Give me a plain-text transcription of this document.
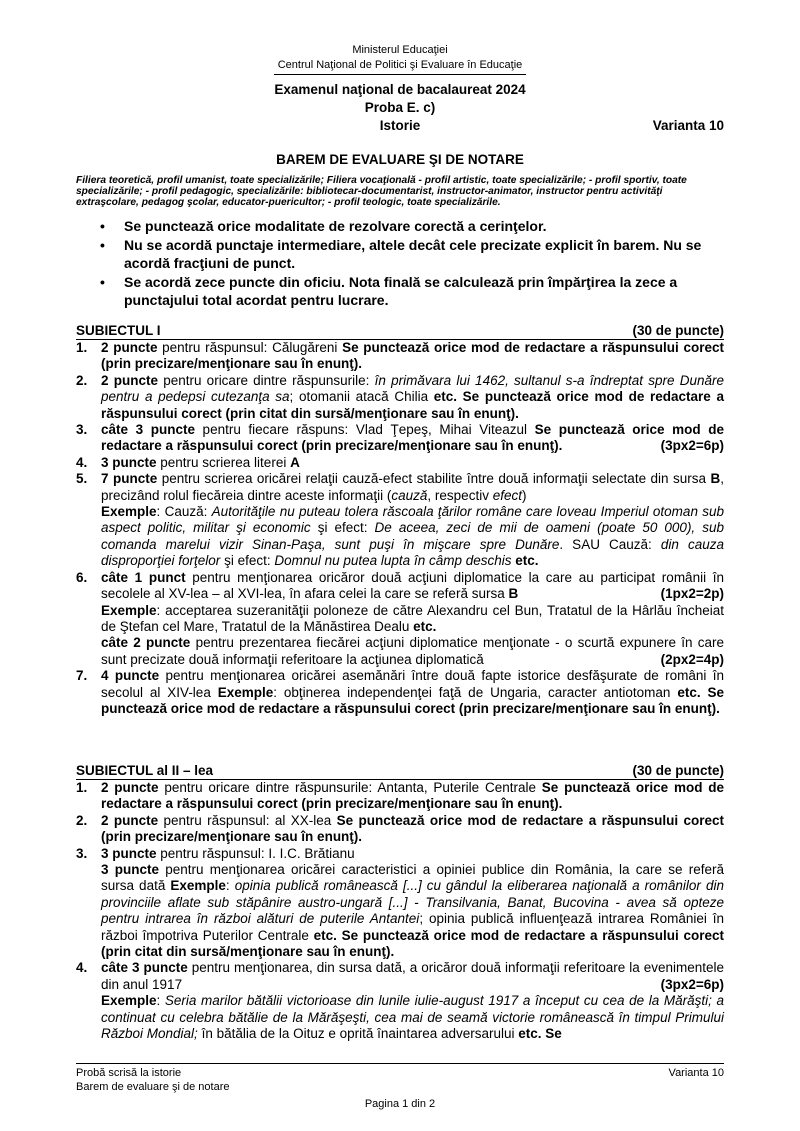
Ministerul Educaţiei
Centrul Naţional de Politici şi Evaluare în Educaţie
Examenul naţional de bacalaureat 2024
Proba E. c)
Istorie	Varianta 10
BAREM DE EVALUARE ŞI DE NOTARE
Filiera teoretică, profil umanist, toate specializările; Filiera vocaţională - profil artistic, toate specializările; - profil sportiv, toate specializările; - profil pedagogic, specializările: bibliotecar-documentarist, instructor-animator, instructor pentru activităţi extraşcolare, pedagog şcolar, educator-puericultor; - profil teologic, toate specializările.
• Se punctează orice modalitate de rezolvare corectă a cerinţelor.
• Nu se acordă punctaje intermediare, altele decât cele precizate explicit în barem. Nu se acordă fracţiuni de punct.
• Se acordă zece puncte din oficiu. Nota finală se calculează prin împărţirea la zece a punctajului total acordat pentru lucrare.
SUBIECTUL I	(30 de puncte)
1. 2 puncte pentru răspunsul: Călugăreni Se punctează orice mod de redactare a răspunsului corect (prin precizare/menţionare sau în enunţ).
2. 2 puncte pentru oricare dintre răspunsurile: în primăvara lui 1462, sultanul s-a îndreptat spre Dunăre pentru a pedepsi cutezanţa sa; otomanii atacă Chilia etc. Se punctează orice mod de redactare a răspunsului corect (prin citat din sursă/menţionare sau în enunţ).
3. câte 3 puncte pentru fiecare răspuns: Vlad Ţepeş, Mihai Viteazul Se punctează orice mod de redactare a răspunsului corect (prin precizare/menţionare sau în enunţ).	(3px2=6p)
4. 3 puncte pentru scrierea literei A
5. 7 puncte pentru scrierea oricărei relaţii cauză-efect stabilite între două informaţii selectate din sursa B, precizând rolul fiecăreia dintre aceste informaţii (cauză, respectiv efect)

Exemple: Cauză: Autorităţile nu puteau tolera răscoala ţărilor române care loveau Imperiul otoman sub aspect politic, militar şi economic şi efect: De aceea, zeci de mii de oameni (poate 50 000), sub comanda marelui vizir Sinan-Paşa, sunt puşi în mişcare spre Dunăre. SAU Cauză: din cauza disproporţiei forţelor şi efect: Domnul nu putea lupta în câmp deschis etc.

6. câte 1 punct pentru menţionarea oricăror două acţiuni diplomatice la care au participat românii în secolele al XV-lea – al XVI-lea, în afara celei la care se referă sursa B	(1px2=2p)

Exemple: acceptarea suzeranităţii poloneze de către Alexandru cel Bun, Tratatul de la Hârlău încheiat de Ştefan cel Mare, Tratatul de la Mănăstirea Dealu etc.

câte 2 puncte pentru prezentarea fiecărei acţiuni diplomatice menţionate - o scurtă expunere în care sunt precizate două informaţii referitoare la acţiunea diplomatică	(2px2=4p)

7. 4 puncte pentru menţionarea oricărei asemănări între două fapte istorice desfăşurate de români în secolul al XIV-lea Exemple: obţinerea independenţei faţă de Ungaria, caracter antiotoman etc. Se punctează orice mod de redactare a răspunsului corect (prin precizare/menţionare sau în enunţ).
SUBIECTUL al II – lea	(30 de puncte)
1. 2 puncte pentru oricare dintre răspunsurile: Antanta, Puterile Centrale Se punctează orice mod de redactare a răspunsului corect (prin precizare/menţionare sau în enunţ).
2. 2 puncte pentru răspunsul: al XX-lea Se punctează orice mod de redactare a răspunsului corect (prin precizare/menţionare sau în enunţ).
3. 3 puncte pentru răspunsul: I. I.C. Brătianu

3 puncte pentru menţionarea oricărei caracteristici a opiniei publice din România, la care se referă sursa dată Exemple: opinia publică românească [...] cu gândul la eliberarea naţională a românilor din provinciile aflate sub stăpânire austro-ungară [...] - Transilvania, Banat, Bucovina - avea să opteze pentru intrarea în război alături de puterile Antantei; opinia publică influenţează intrarea României în război împotriva Puterilor Centrale etc. Se punctează orice mod de redactare a răspunsului corect (prin citat din sursă/menţionare sau în enunţ).

4. câte 3 puncte pentru menţionarea, din sursa dată, a oricăror două informaţii referitoare la evenimentele din anul 1917	(3px2=6p)

Exemple: Seria marilor bătălii victorioase din lunile iulie-august 1917 a început cu cea de la Mărăşti; a continuat cu celebra bătălie de la Mărăşeşti, cea mai de seamă victorie românească în timpul Primului Război Mondial; în bătălia de la Oituz e oprită înaintarea adversarului etc. Se

Probă scrisă la istorie
Barem de evaluare şi de notare
Varianta 10
Pagina 1 din 2
